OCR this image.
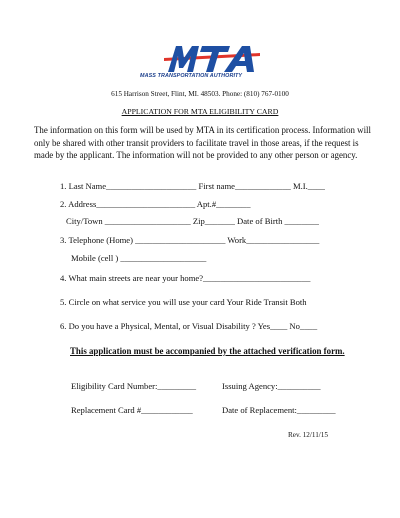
MASS TRANSPORTATION AUTHORITY
615 Harrison Street, Flint, MI. 48503. Phone: (810) 767-0100
APPLICATION FOR MTA ELIGIBILITY CARD
The information on this form will be used by MTA in its certification process. Information will only be shared with other transit providers to facilitate travel in those areas, if the request is made by the applicant. The information will not be provided to any other person or agency.
1. Last Name_____________________ First name_____________ M.I.____
2. Address_______________________ Apt.#________
City/Town ____________________ Zip_______ Date of Birth ________
3. Telephone (Home) _____________________ Work_________________
Mobile (cell ) ____________________
4. What main streets are near your home?_________________________
5. Circle on what service you will use your card Your Ride Transit Both
6. Do you have a Physical, Mental, or Visual Disability ? Yes____ No____
This application must be accompanied by the attached verification form.
Eligibility Card Number:_________	Issuing Agency:__________
Replacement Card #____________	Date of Replacement:_________
Rev. 12/11/15
